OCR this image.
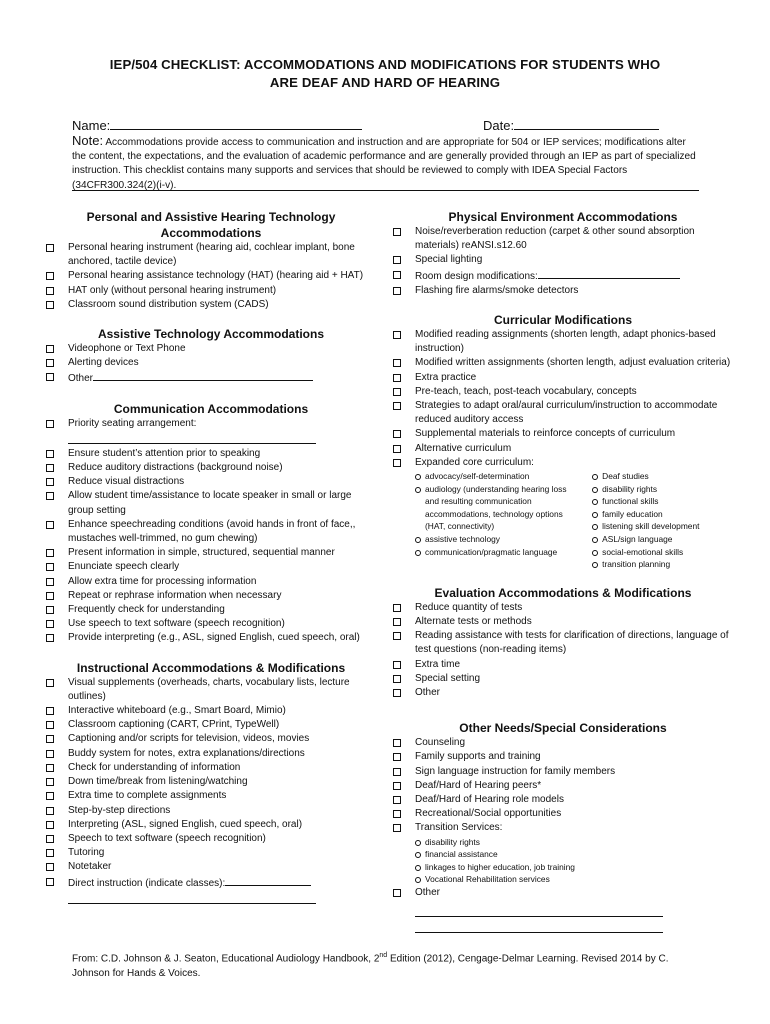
IEP/504 CHECKLIST: ACCOMMODATIONS AND MODIFICATIONS FOR STUDENTS WHO
ARE DEAF AND HARD OF HEARING
Name:	Date:
Note: Accommodations provide access to communication and instruction and are appropriate for 504 or IEP services; modifications alter the content, the expectations, and the evaluation of academic performance and are generally provided through an IEP as part of specialized instruction. This checklist contains many supports and services that should be reviewed to comply with IDEA Special Factors (34CFR300.324(2)(i-v).
Personal and Assistive Hearing Technology Accommodations
Personal hearing instrument (hearing aid, cochlear implant, bone anchored, tactile device)
Personal hearing assistance technology (HAT) (hearing aid + HAT)
HAT only (without personal hearing instrument)
Classroom sound distribution system (CADS)
Assistive Technology Accommodations
Videophone or Text Phone
Alerting devices
Other
Communication Accommodations
Priority seating arrangement:
Ensure student’s attention prior to speaking
Reduce auditory distractions (background noise)
Reduce visual distractions
Allow student time/assistance to locate speaker in small or large group setting
Enhance speechreading conditions (avoid hands in front of face,, mustaches well-trimmed, no gum chewing)
Present information in simple, structured, sequential manner
Enunciate speech clearly
Allow extra time for processing information
Repeat or rephrase information when necessary
Frequently check for understanding
Use speech to text software (speech recognition)
Provide interpreting (e.g., ASL, signed English, cued speech, oral)
Instructional Accommodations & Modifications
Visual supplements (overheads, charts, vocabulary lists, lecture outlines)
Interactive whiteboard (e.g., Smart Board, Mimio)
Classroom captioning (CART, CPrint, TypeWell)
Captioning and/or scripts for television, videos, movies
Buddy system for notes, extra explanations/directions
Check for understanding of information
Down time/break from listening/watching
Extra time to complete assignments
Step-by-step directions
Interpreting (ASL, signed English, cued speech, oral)
Speech to text software (speech recognition)
Tutoring
Notetaker
Direct instruction (indicate classes):
Physical Environment Accommodations
Noise/reverberation reduction (carpet & other sound absorption materials) reANSI.s12.60
Special lighting
Room design modifications:
Flashing fire alarms/smoke detectors
Curricular Modifications
Modified reading assignments (shorten length, adapt phonics-based instruction)
Modified written assignments (shorten length, adjust evaluation criteria)
Extra practice
Pre-teach, teach, post-teach vocabulary, concepts
Strategies to adapt oral/aural curriculum/instruction to accommodate reduced auditory access
Supplemental materials to reinforce concepts of curriculum
Alternative curriculum
Expanded core curriculum:
advocacy/self-determination
audiology (understanding hearing loss and resulting communication accommodations, technology options (HAT, connectivity)
assistive technology
communication/pragmatic language
Deaf studies
disability rights
functional skills
family education
listening skill development
ASL/sign language
social-emotional skills
transition planning
Evaluation Accommodations & Modifications
Reduce quantity of tests
Alternate tests or methods
Reading assistance with tests for clarification of directions, language of test questions (non-reading items)
Extra time
Special setting
Other
Other Needs/Special Considerations
Counseling
Family supports and training
Sign language instruction for family members
Deaf/Hard of Hearing peers*
Deaf/Hard of Hearing role models
Recreational/Social opportunities
Transition Services:
disability rights
financial assistance
linkages to higher education, job training
Vocational Rehabilitation services
Other
From: C.D. Johnson & J. Seaton, Educational Audiology Handbook, 2nd Edition (2012), Cengage-Delmar Learning. Revised 2014 by C. Johnson for Hands & Voices.
